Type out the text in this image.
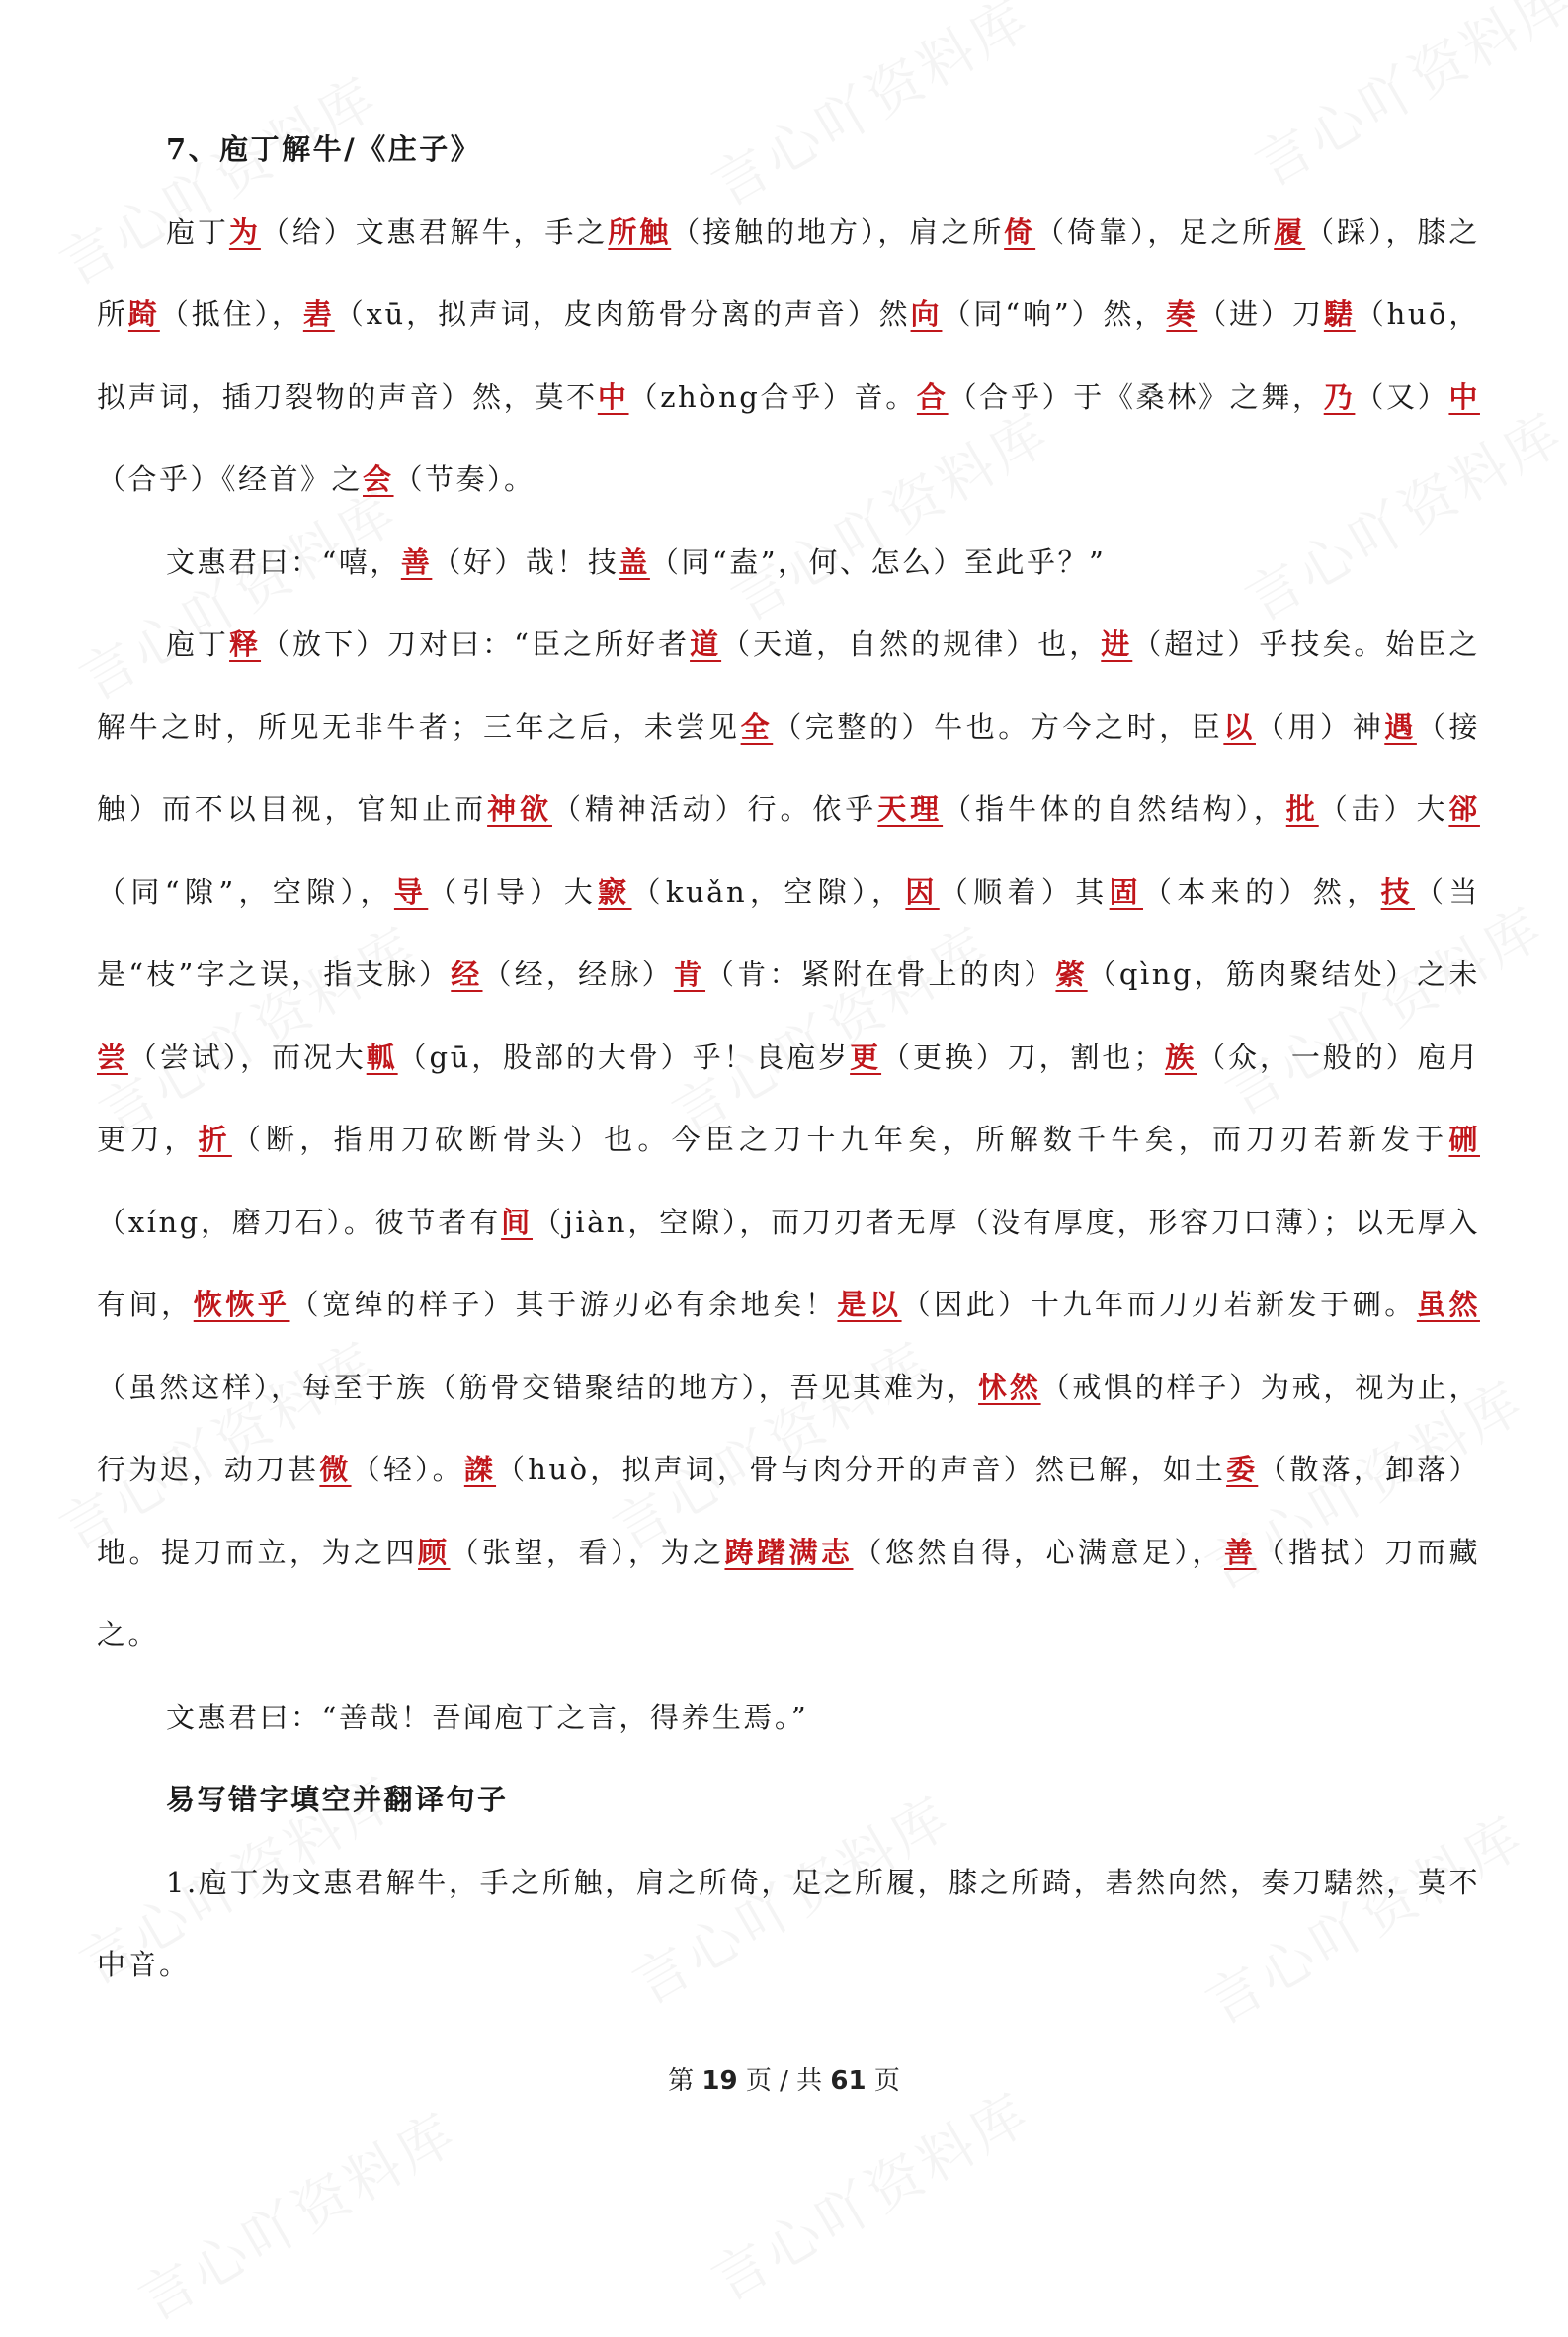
7、庖丁解牛/《庄子》

庖丁为（给）文惠君解牛，手之所触（接触的地方），肩之所倚（倚靠），足之所履（踩），膝之所踦（抵住），砉（xū，拟声词，皮肉筋骨分离的声音）然向（同“响”）然，奏（进）刀騞（huō，拟声词，插刀裂物的声音）然，莫不中（zhòng合乎）音。合（合乎）于《桑林》之舞，乃（又）中（合乎）《经首》之会（节奏）。

文惠君曰：“嘻，善（好）哉！技盖（同“盍”，何、怎么）至此乎？”

庖丁释（放下）刀对曰：“臣之所好者道（天道，自然的规律）也，进（超过）乎技矣。始臣之解牛之时，所见无非牛者；三年之后，未尝见全（完整的）牛也。方今之时，臣以（用）神遇（接触）而不以目视，官知止而神欲（精神活动）行。依乎天理（指牛体的自然结构），批（击）大郤（同“隙”，空隙），导（引导）大窾（kuǎn，空隙），因（顺着）其固（本来的）然，技（当是“枝”字之误，指支脉）经（经，经脉）肯（肯：紧附在骨上的肉）綮（qìng，筋肉聚结处）之未尝（尝试），而况大軱（gū，股部的大骨）乎！良庖岁更（更换）刀，割也；族（众，一般的）庖月更刀，折（断，指用刀砍断骨头）也。今臣之刀十九年矣，所解数千牛矣，而刀刃若新发于硎（xíng，磨刀石）。彼节者有间（jiàn，空隙），而刀刃者无厚（没有厚度，形容刀口薄）；以无厚入有间，恢恢乎（宽绰的样子）其于游刃必有余地矣！是以（因此）十九年而刀刃若新发于硎。虽然（虽然这样），每至于族（筋骨交错聚结的地方），吾见其难为，怵然（戒惧的样子）为戒，视为止，行为迟，动刀甚微（轻）。謋（huò，拟声词，骨与肉分开的声音）然已解，如土委（散落，卸落）地。提刀而立，为之四顾（张望，看），为之踌躇满志（悠然自得，心满意足），善（揩拭）刀而藏之。

文惠君曰：“善哉！吾闻庖丁之言，得养生焉。”

易写错字填空并翻译句子

1.庖丁为文惠君解牛，手之所触，肩之所倚，足之所履，膝之所踦，砉然向然，奏刀騞然，莫不中音。

第 19 页 / 共 61 页
